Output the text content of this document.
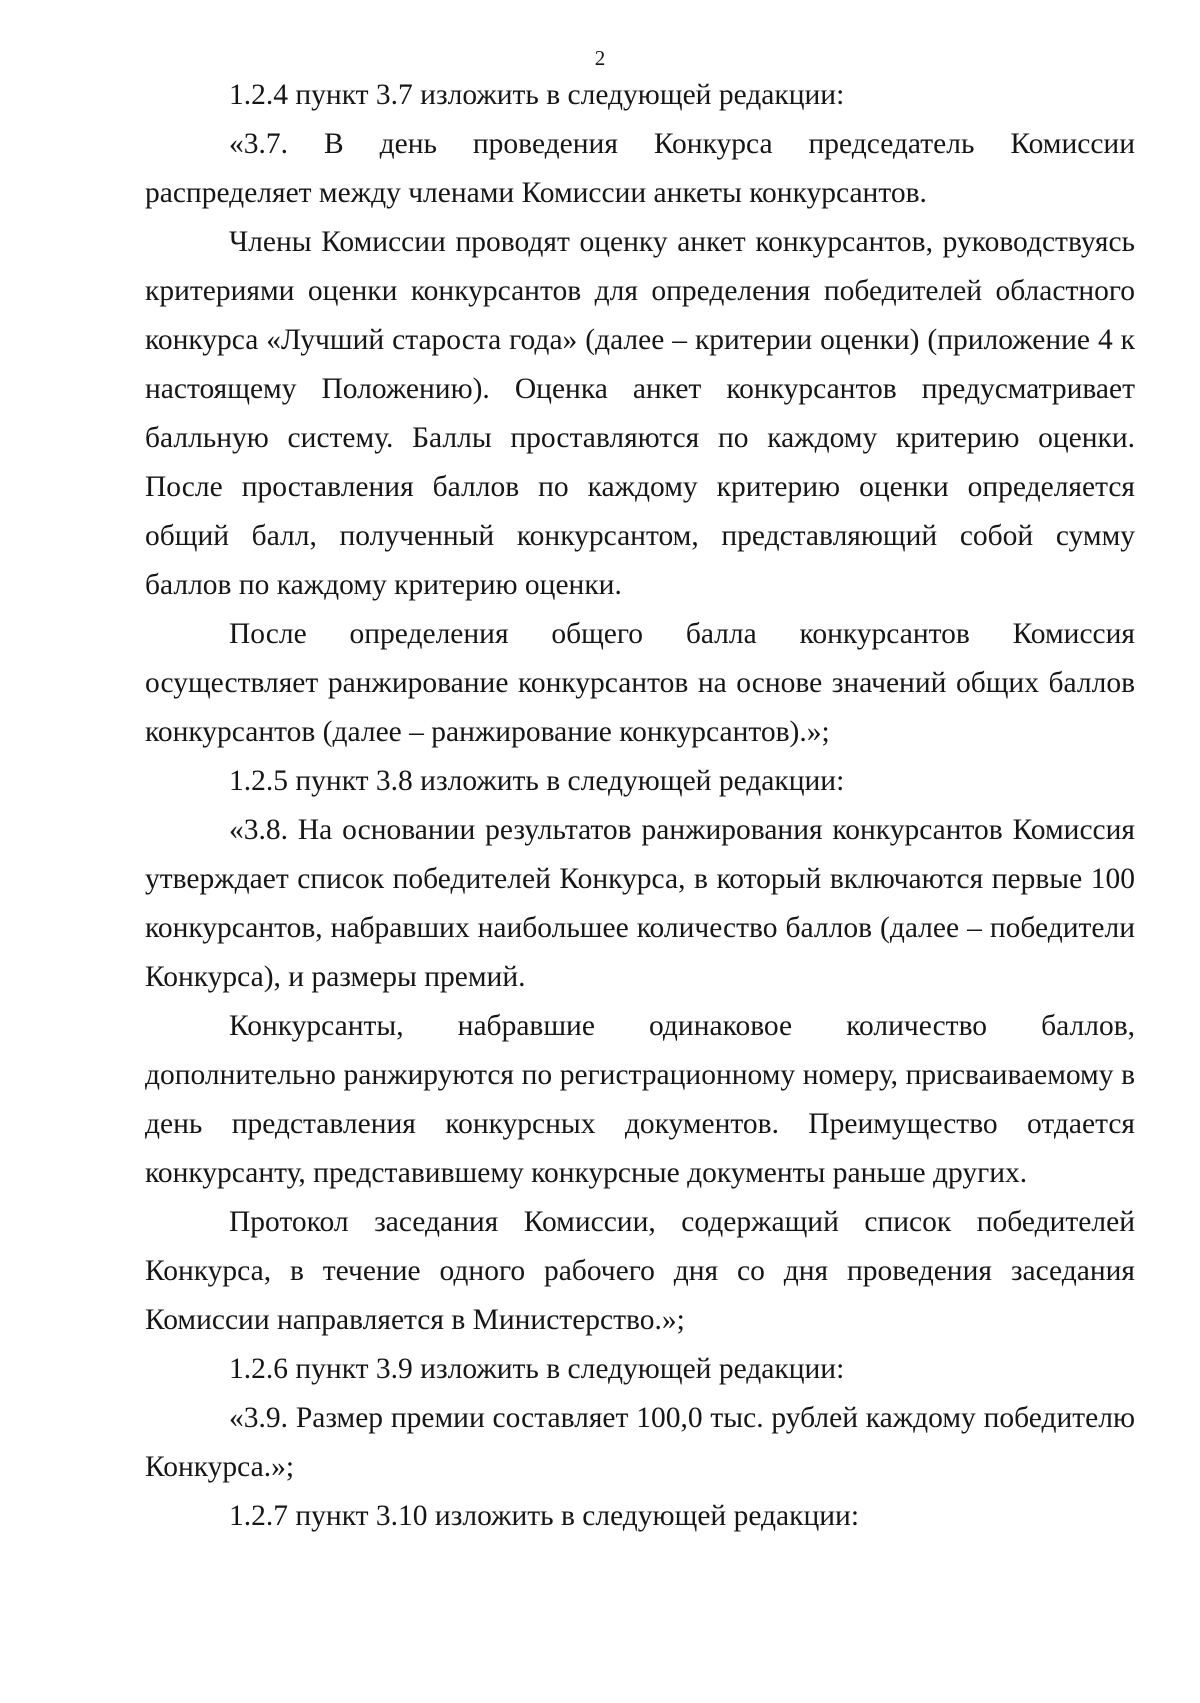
2

1.2.4 пункт 3.7 изложить в следующей редакции:

«3.7. В день проведения Конкурса председатель Комиссии распределяет между членами Комиссии анкеты конкурсантов.

Члены Комиссии проводят оценку анкет конкурсантов, руководствуясь критериями оценки конкурсантов для определения победителей областного конкурса «Лучший староста года» (далее – критерии оценки) (приложение 4 к настоящему Положению). Оценка анкет конкурсантов предусматривает балльную систему. Баллы проставляются по каждому критерию оценки. После проставления баллов по каждому критерию оценки определяется общий балл, полученный конкурсантом, представляющий собой сумму баллов по каждому критерию оценки.

После определения общего балла конкурсантов Комиссия осуществляет ранжирование конкурсантов на основе значений общих баллов конкурсантов (далее – ранжирование конкурсантов).»;

1.2.5 пункт 3.8 изложить в следующей редакции:

«3.8. На основании результатов ранжирования конкурсантов Комиссия утверждает список победителей Конкурса, в который включаются первые 100 конкурсантов, набравших наибольшее количество баллов (далее – победители Конкурса), и размеры премий.

Конкурсанты, набравшие одинаковое количество баллов, дополнительно ранжируются по регистрационному номеру, присваиваемому в день представления конкурсных документов. Преимущество отдается конкурсанту, представившему конкурсные документы раньше других.

Протокол заседания Комиссии, содержащий список победителей Конкурса, в течение одного рабочего дня со дня проведения заседания Комиссии направляется в Министерство.»;

1.2.6 пункт 3.9 изложить в следующей редакции:

«3.9. Размер премии составляет 100,0 тыс. рублей каждому победителю Конкурса.»;

1.2.7 пункт 3.10 изложить в следующей редакции:
